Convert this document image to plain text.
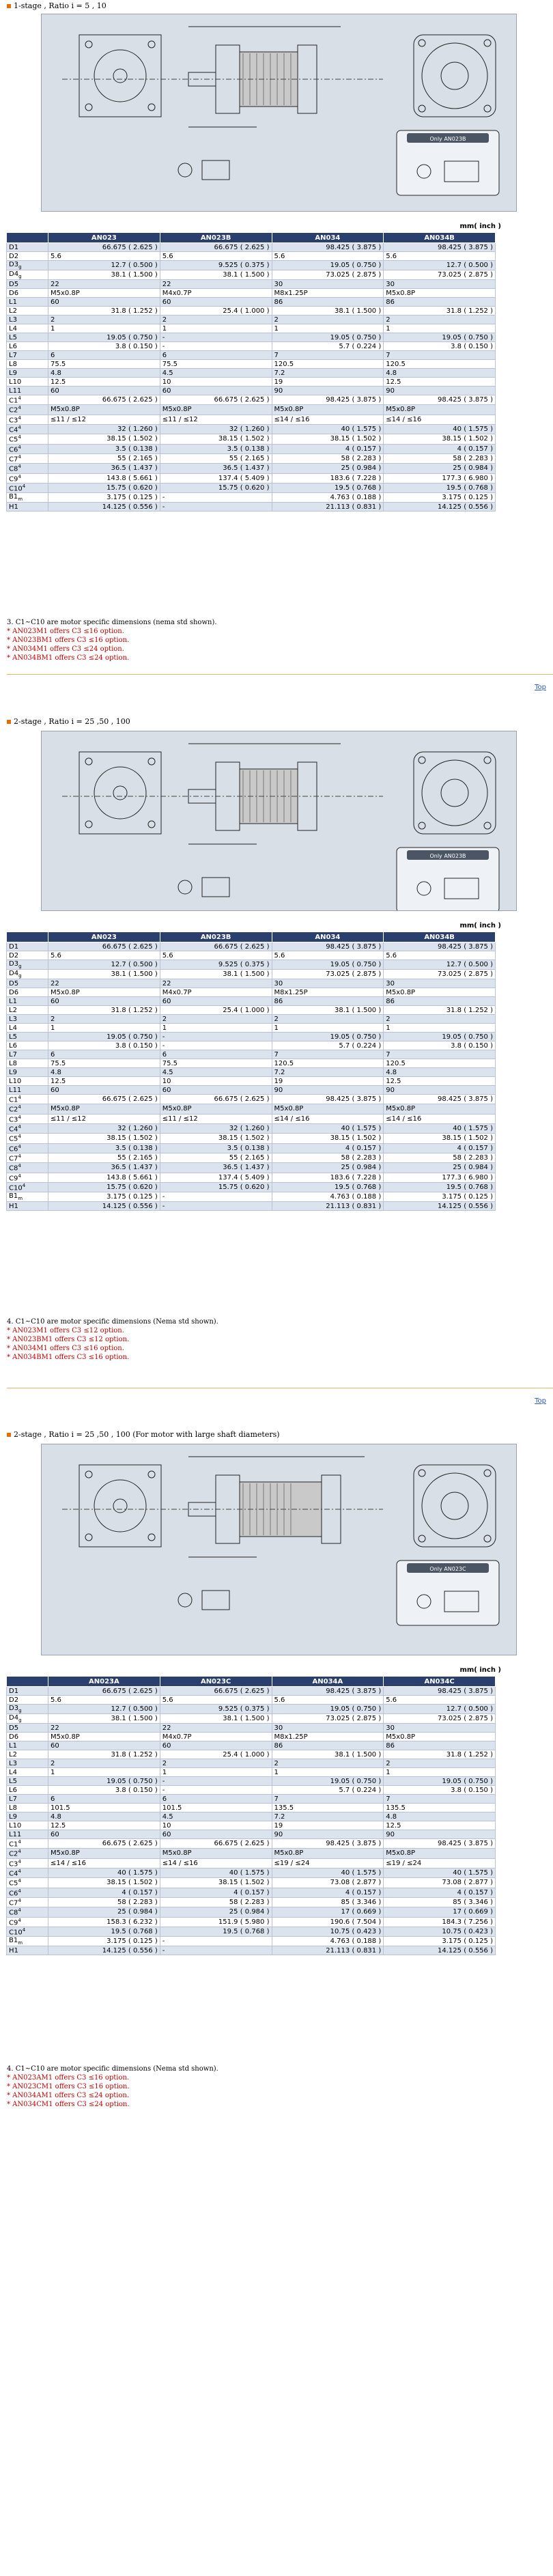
1-stage , Ratio i = 5 , 10
Only AN023B
mm( inch )
	AN023	AN023B	AN034	AN034B
D1	66.675 ( 2.625 )	66.675 ( 2.625 )	98.425 ( 3.875 )	98.425 ( 3.875 )
D2	5.6	5.6	5.6	5.6
$D3_g$	12.7 ( 0.500 )	9.525 ( 0.375 )	19.05 ( 0.750 )	12.7 ( 0.500 )
$D4_g$	38.1 ( 1.500 )	38.1 ( 1.500 )	73.025 ( 2.875 )	73.025 ( 2.875 )
D5	22	22	30	30
D6	M5x0.8P	M4x0.7P	M8x1.25P	M5x0.8P
L1	60	60	86	86
L2	31.8 ( 1.252 )	25.4 ( 1.000 )	38.1 ( 1.500 )	31.8 ( 1.252 )
L3	2	2	2	2
L4	1	1	1	1
L5	19.05 ( 0.750 )	-	19.05 ( 0.750 )	19.05 ( 0.750 )
L6	3.8 ( 0.150 )	-	5.7 ( 0.224 )	3.8 ( 0.150 )
L7	6	6	7	7
L8	75.5	75.5	120.5	120.5
L9	4.8	4.5	7.2	4.8
L10	12.5	10	19	12.5
L11	60	60	90	90
$C1^4$	66.675 ( 2.625 )	66.675 ( 2.625 )	98.425 ( 3.875 )	98.425 ( 3.875 )
$C2^4$	M5x0.8P	M5x0.8P	M5x0.8P	M5x0.8P
$C3^4$	≤11 / ≤12	≤11 / ≤12	≤14 / ≤16	≤14 / ≤16
$C4^4$	32 ( 1.260 )	32 ( 1.260 )	40 ( 1.575 )	40 ( 1.575 )
$C5^4$	38.15 ( 1.502 )	38.15 ( 1.502 )	38.15 ( 1.502 )	38.15 ( 1.502 )
$C6^4$	3.5 ( 0.138 )	3.5 ( 0.138 )	4 ( 0.157 )	4 ( 0.157 )
$C7^4$	55 ( 2.165 )	55 ( 2.165 )	58 ( 2.283 )	58 ( 2.283 )
$C8^4$	36.5 ( 1.437 )	36.5 ( 1.437 )	25 ( 0.984 )	25 ( 0.984 )
$C9^4$	143.8 ( 5.661 )	137.4 ( 5.409 )	183.6 ( 7.228 )	177.3 ( 6.980 )
$C10^4$	15.75 ( 0.620 )	15.75 ( 0.620 )	19.5 ( 0.768 )	19.5 ( 0.768 )
$B1_m$	3.175 ( 0.125 )	-	4.763 ( 0.188 )	3.175 ( 0.125 )
H1	14.125 ( 0.556 )	-	21.113 ( 0.831 )	14.125 ( 0.556 )
3. C1~C10 are motor specific dimensions (nema std shown).
* AN023M1 offers C3 ≤16 option.
* AN023BM1 offers C3 ≤16 option.
* AN034M1 offers C3 ≤24 option.
* AN034BM1 offers C3 ≤24 option.
Top
2-stage , Ratio i = 25 ,50 , 100
Only AN023B
mm( inch )
	AN023	AN023B	AN034	AN034B
D1	66.675 ( 2.625 )	66.675 ( 2.625 )	98.425 ( 3.875 )	98.425 ( 3.875 )
D2	5.6	5.6	5.6	5.6
$D3_g$	12.7 ( 0.500 )	9.525 ( 0.375 )	19.05 ( 0.750 )	12.7 ( 0.500 )
$D4_g$	38.1 ( 1.500 )	38.1 ( 1.500 )	73.025 ( 2.875 )	73.025 ( 2.875 )
D5	22	22	30	30
D6	M5x0.8P	M4x0.7P	M8x1.25P	M5x0.8P
L1	60	60	86	86
L2	31.8 ( 1.252 )	25.4 ( 1.000 )	38.1 ( 1.500 )	31.8 ( 1.252 )
L3	2	2	2	2
L4	1	1	1	1
L5	19.05 ( 0.750 )	-	19.05 ( 0.750 )	19.05 ( 0.750 )
L6	3.8 ( 0.150 )	-	5.7 ( 0.224 )	3.8 ( 0.150 )
L7	6	6	7	7
L8	75.5	75.5	120.5	120.5
L9	4.8	4.5	7.2	4.8
L10	12.5	10	19	12.5
L11	60	60	90	90
$C1^4$	66.675 ( 2.625 )	66.675 ( 2.625 )	98.425 ( 3.875 )	98.425 ( 3.875 )
$C2^4$	M5x0.8P	M5x0.8P	M5x0.8P	M5x0.8P
$C3^4$	≤11 / ≤12	≤11 / ≤12	≤14 / ≤16	≤14 / ≤16
$C4^4$	32 ( 1.260 )	32 ( 1.260 )	40 ( 1.575 )	40 ( 1.575 )
$C5^4$	38.15 ( 1.502 )	38.15 ( 1.502 )	38.15 ( 1.502 )	38.15 ( 1.502 )
$C6^4$	3.5 ( 0.138 )	3.5 ( 0.138 )	4 ( 0.157 )	4 ( 0.157 )
$C7^4$	55 ( 2.165 )	55 ( 2.165 )	58 ( 2.283 )	58 ( 2.283 )
$C8^4$	36.5 ( 1.437 )	36.5 ( 1.437 )	25 ( 0.984 )	25 ( 0.984 )
$C9^4$	143.8 ( 5.661 )	137.4 ( 5.409 )	183.6 ( 7.228 )	177.3 ( 6.980 )
$C10^4$	15.75 ( 0.620 )	15.75 ( 0.620 )	19.5 ( 0.768 )	19.5 ( 0.768 )
$B1_m$	3.175 ( 0.125 )	-	4.763 ( 0.188 )	3.175 ( 0.125 )
H1	14.125 ( 0.556 )	-	21.113 ( 0.831 )	14.125 ( 0.556 )
4. C1~C10 are motor specific dimensions (Nema std shown).
* AN023M1 offers C3 ≤12 option.
* AN023BM1 offers C3 ≤12 option.
* AN034M1 offers C3 ≤16 option.
* AN034BM1 offers C3 ≤16 option.
Top
2-stage , Ratio i = 25 ,50 , 100 (For motor with large shaft diameters)
Only AN023C
mm( inch )
	AN023A	AN023C	AN034A	AN034C
D1	66.675 ( 2.625 )	66.675 ( 2.625 )	98.425 ( 3.875 )	98.425 ( 3.875 )
D2	5.6	5.6	5.6	5.6
$D3_g$	12.7 ( 0.500 )	9.525 ( 0.375 )	19.05 ( 0.750 )	12.7 ( 0.500 )
$D4_g$	38.1 ( 1.500 )	38.1 ( 1.500 )	73.025 ( 2.875 )	73.025 ( 2.875 )
D5	22	22	30	30
D6	M5x0.8P	M4x0.7P	M8x1.25P	M5x0.8P
L1	60	60	86	86
L2	31.8 ( 1.252 )	25.4 ( 1.000 )	38.1 ( 1.500 )	31.8 ( 1.252 )
L3	2	2	2	2
L4	1	1	1	1
L5	19.05 ( 0.750 )	-	19.05 ( 0.750 )	19.05 ( 0.750 )
L6	3.8 ( 0.150 )	-	5.7 ( 0.224 )	3.8 ( 0.150 )
L7	6	6	7	7
L8	101.5	101.5	135.5	135.5
L9	4.8	4.5	7.2	4.8
L10	12.5	10	19	12.5
L11	60	60	90	90
$C1^4$	66.675 ( 2.625 )	66.675 ( 2.625 )	98.425 ( 3.875 )	98.425 ( 3.875 )
$C2^4$	M5x0.8P	M5x0.8P	M5x0.8P	M5x0.8P
$C3^4$	≤14 / ≤16	≤14 / ≤16	≤19 / ≤24	≤19 / ≤24
$C4^4$	40 ( 1.575 )	40 ( 1.575 )	40 ( 1.575 )	40 ( 1.575 )
$C5^4$	38.15 ( 1.502 )	38.15 ( 1.502 )	73.08 ( 2.877 )	73.08 ( 2.877 )
$C6^4$	4 ( 0.157 )	4 ( 0.157 )	4 ( 0.157 )	4 ( 0.157 )
$C7^4$	58 ( 2.283 )	58 ( 2.283 )	85 ( 3.346 )	85 ( 3.346 )
$C8^4$	25 ( 0.984 )	25 ( 0.984 )	17 ( 0.669 )	17 ( 0.669 )
$C9^4$	158.3 ( 6.232 )	151.9 ( 5.980 )	190.6 ( 7.504 )	184.3 ( 7.256 )
$C10^4$	19.5 ( 0.768 )	19.5 ( 0.768 )	10.75 ( 0.423 )	10.75 ( 0.423 )
$B1_m$	3.175 ( 0.125 )	-	4.763 ( 0.188 )	3.175 ( 0.125 )
H1	14.125 ( 0.556 )	-	21.113 ( 0.831 )	14.125 ( 0.556 )
4. C1~C10 are motor specific dimensions (Nema std shown).
* AN023AM1 offers C3 ≤16 option.
* AN023CM1 offers C3 ≤16 option.
* AN034AM1 offers C3 ≤24 option.
* AN034CM1 offers C3 ≤24 option.
